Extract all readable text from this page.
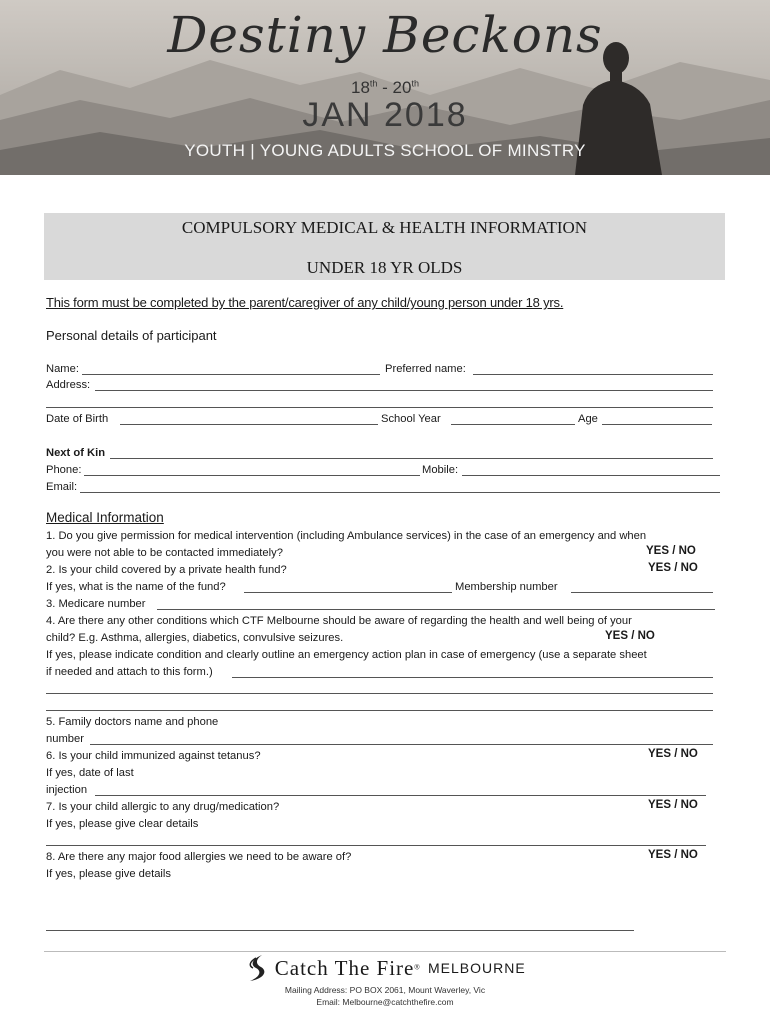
Destiny Beckons
18th - 20th
JAN 2018
YOUTH | YOUNG ADULTS SCHOOL OF MINSTRY
COMPULSORY MEDICAL & HEALTH INFORMATION
UNDER 18 YR OLDS
This form must be completed by the parent/caregiver of any child/young person under 18 yrs.
Personal details of participant
Name:	Preferred name:
Address:
Date of Birth	School Year	Age
Next of Kin
Phone:	Mobile:
Email:
Medical Information
1. Do you give permission for medical intervention (including Ambulance services) in the case of an emergency and when
you were not able to be contacted immediately?	YES / NO
2. Is your child covered by a private health fund?	YES / NO
If yes, what is the name of the fund?	Membership number
3. Medicare number
4. Are there any other conditions which CTF Melbourne should be aware of regarding the health and well being of your
child? E.g. Asthma, allergies, diabetics, convulsive seizures.	YES / NO
If yes, please indicate condition and clearly outline an emergency action plan in case of emergency (use a separate sheet
if needed and attach to this form.)
5. Family doctors name and phone
number
6. Is your child immunized against tetanus?	YES / NO
If yes, date of last
injection
7. Is your child allergic to any drug/medication?	YES / NO
If yes, please give clear details
8. Are there any major food allergies we need to be aware of?	YES / NO
If yes, please give details
Catch The Fire® MELBOURNE
Mailing Address: PO BOX 2061, Mount Waverley, Vic
Email: Melbourne@catchthefire.com
